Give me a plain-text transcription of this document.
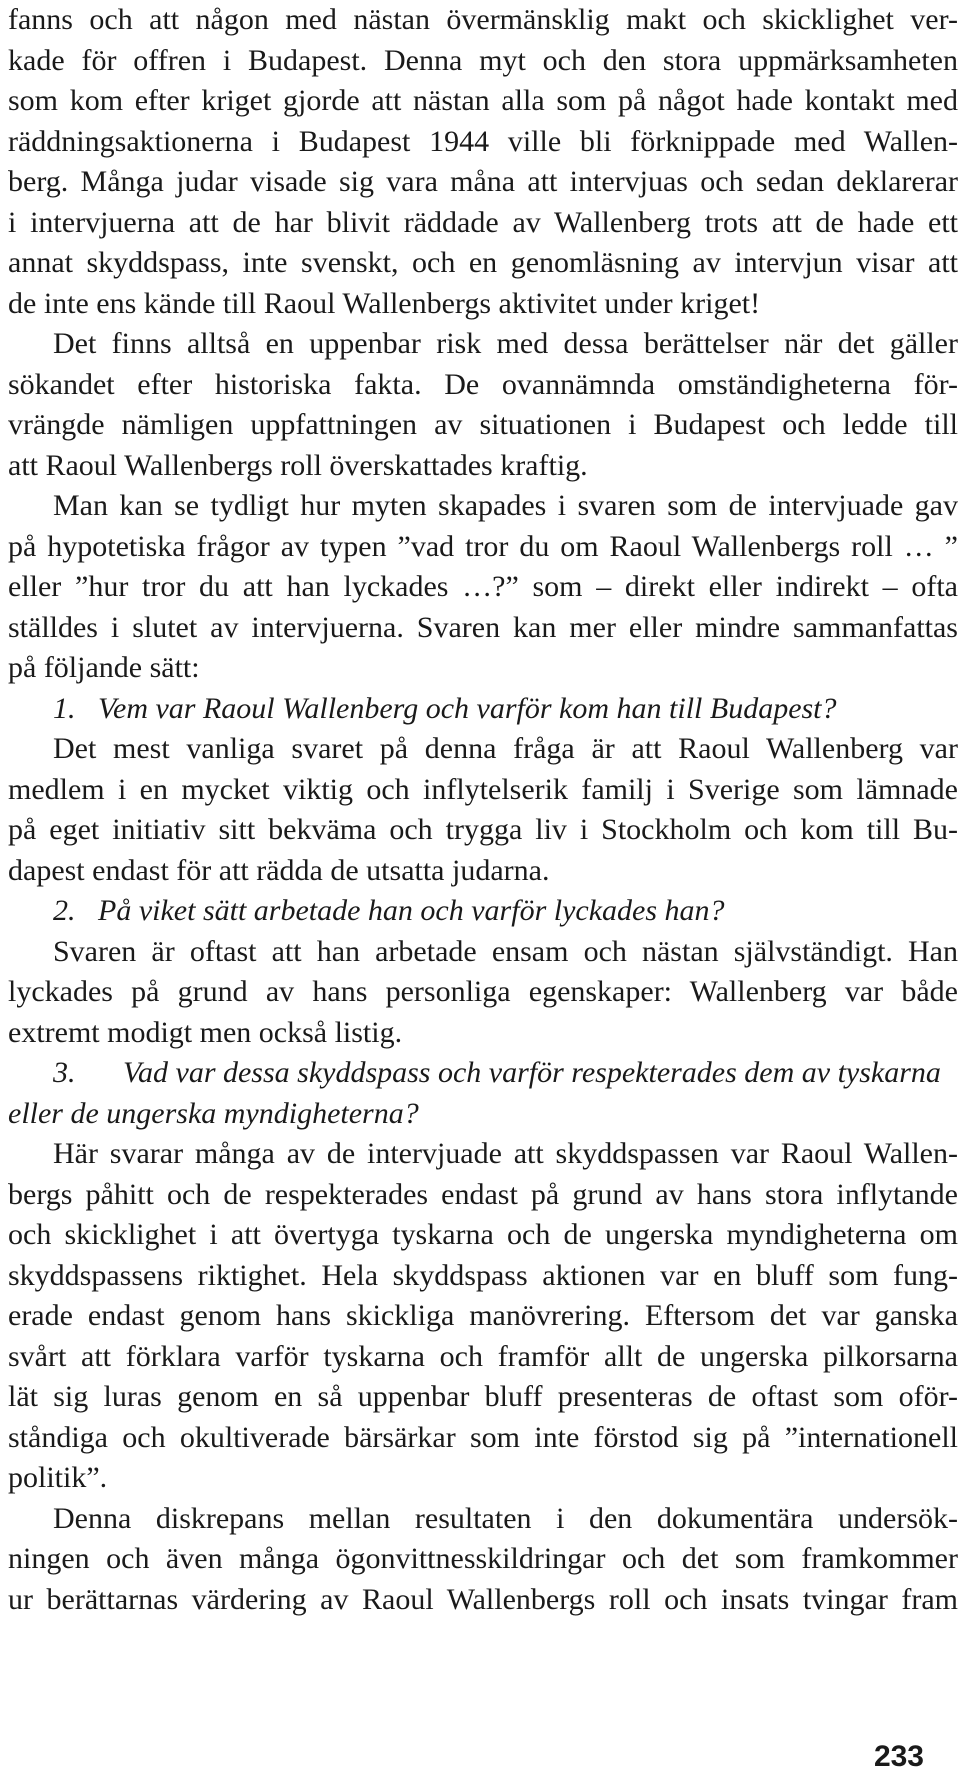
fanns och att någon med nästan övermänsklig makt och skicklighet ver-
kade för offren i Budapest. Denna myt och den stora uppmärksamheten
som kom efter kriget gjorde att nästan alla som på något hade kontakt med
räddningsaktionerna i Budapest 1944 ville bli förknippade med Wallen-
berg. Många judar visade sig vara måna att intervjuas och sedan deklarerar
i intervjuerna att de har blivit räddade av Wallenberg trots att de hade ett
annat skyddspass, inte svenskt, och en genomläsning av intervjun visar att
de inte ens kände till Raoul Wallenbergs aktivitet under kriget!
Det finns alltså en uppenbar risk med dessa berättelser när det gäller
sökandet efter historiska fakta. De ovannämnda omständigheterna för-
vrängde nämligen uppfattningen av situationen i Budapest och ledde till
att Raoul Wallenbergs roll överskattades kraftig.
Man kan se tydligt hur myten skapades i svaren som de intervjuade gav
på hypotetiska frågor av typen ”vad tror du om Raoul Wallenbergs roll … ”
eller ”hur tror du att han lyckades …?” som – direkt eller indirekt – ofta
ställdes i slutet av intervjuerna. Svaren kan mer eller mindre sammanfattas
på följande sätt:
1. Vem var Raoul Wallenberg och varför kom han till Budapest?
Det mest vanliga svaret på denna fråga är att Raoul Wallenberg var
medlem i en mycket viktig och inflytelserik familj i Sverige som lämnade
på eget initiativ sitt bekväma och trygga liv i Stockholm och kom till Bu-
dapest endast för att rädda de utsatta judarna.
2. På viket sätt arbetade han och varför lyckades han?
Svaren är oftast att han arbetade ensam och nästan självständigt. Han
lyckades på grund av hans personliga egenskaper: Wallenberg var både
extremt modigt men också listig.
3. Vad var dessa skyddspass och varför respekterades dem av tyskarna
eller de ungerska myndigheterna?
Här svarar många av de intervjuade att skyddspassen var Raoul Wallen-
bergs påhitt och de respekterades endast på grund av hans stora inflytande
och skicklighet i att övertyga tyskarna och de ungerska myndigheterna om
skyddspassens riktighet. Hela skyddspass aktionen var en bluff som fung-
erade endast genom hans skickliga manövrering. Eftersom det var ganska
svårt att förklara varför tyskarna och framför allt de ungerska pilkorsarna
lät sig luras genom en så uppenbar bluff presenteras de oftast som oför-
ståndiga och okultiverade bärsärkar som inte förstod sig på ”internationell
politik”.
Denna diskrepans mellan resultaten i den dokumentära undersök-
ningen och även många ögonvittnesskildringar och det som framkommer
ur berättarnas värdering av Raoul Wallenbergs roll och insats tvingar fram
233
